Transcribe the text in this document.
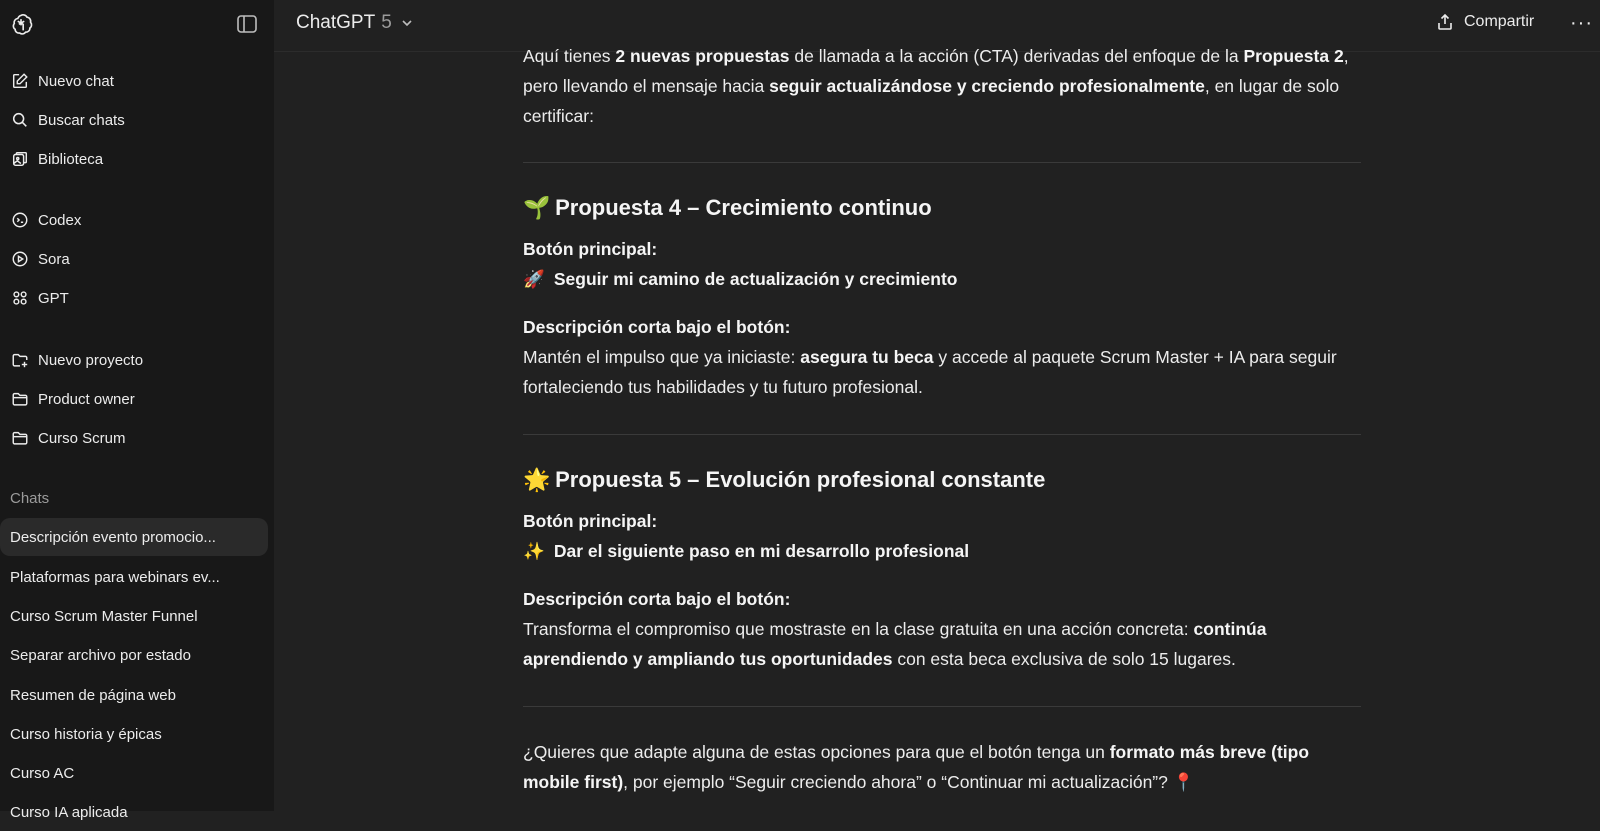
Nuevo chat
Buscar chats
Biblioteca
Codex
Sora
GPT
Nuevo proyecto
Product owner
Curso Scrum
Chats
Descripción evento promocio...
Plataformas para webinars ev...
Curso Scrum Master Funnel
Separar archivo por estado
Resumen de página web
Curso historia y épicas
Curso AC
Curso IA aplicada
ChatGPT 5	Compartir ···

Aquí tienes 2 nuevas propuestas de llamada a la acción (CTA) derivadas del enfoque de la Propuesta 2, pero llevando el mensaje hacia seguir actualizándose y creciendo profesionalmente, en lugar de solo certificar:

🌱 Propuesta 4 – Crecimiento continuo

Botón principal:

🚀 Seguir mi camino de actualización y crecimiento

Descripción corta bajo el botón:

Mantén el impulso que ya iniciaste: asegura tu beca y accede al paquete Scrum Master + IA para seguir fortaleciendo tus habilidades y tu futuro profesional.

🌟 Propuesta 5 – Evolución profesional constante

Botón principal:

✨ Dar el siguiente paso en mi desarrollo profesional

Descripción corta bajo el botón:

Transforma el compromiso que mostraste en la clase gratuita en una acción concreta: continúa aprendiendo y ampliando tus oportunidades con esta beca exclusiva de solo 15 lugares.

¿Quieres que adapte alguna de estas opciones para que el botón tenga un formato más breve (tipo mobile first), por ejemplo “Seguir creciendo ahora” o “Continuar mi actualización”? 📍
